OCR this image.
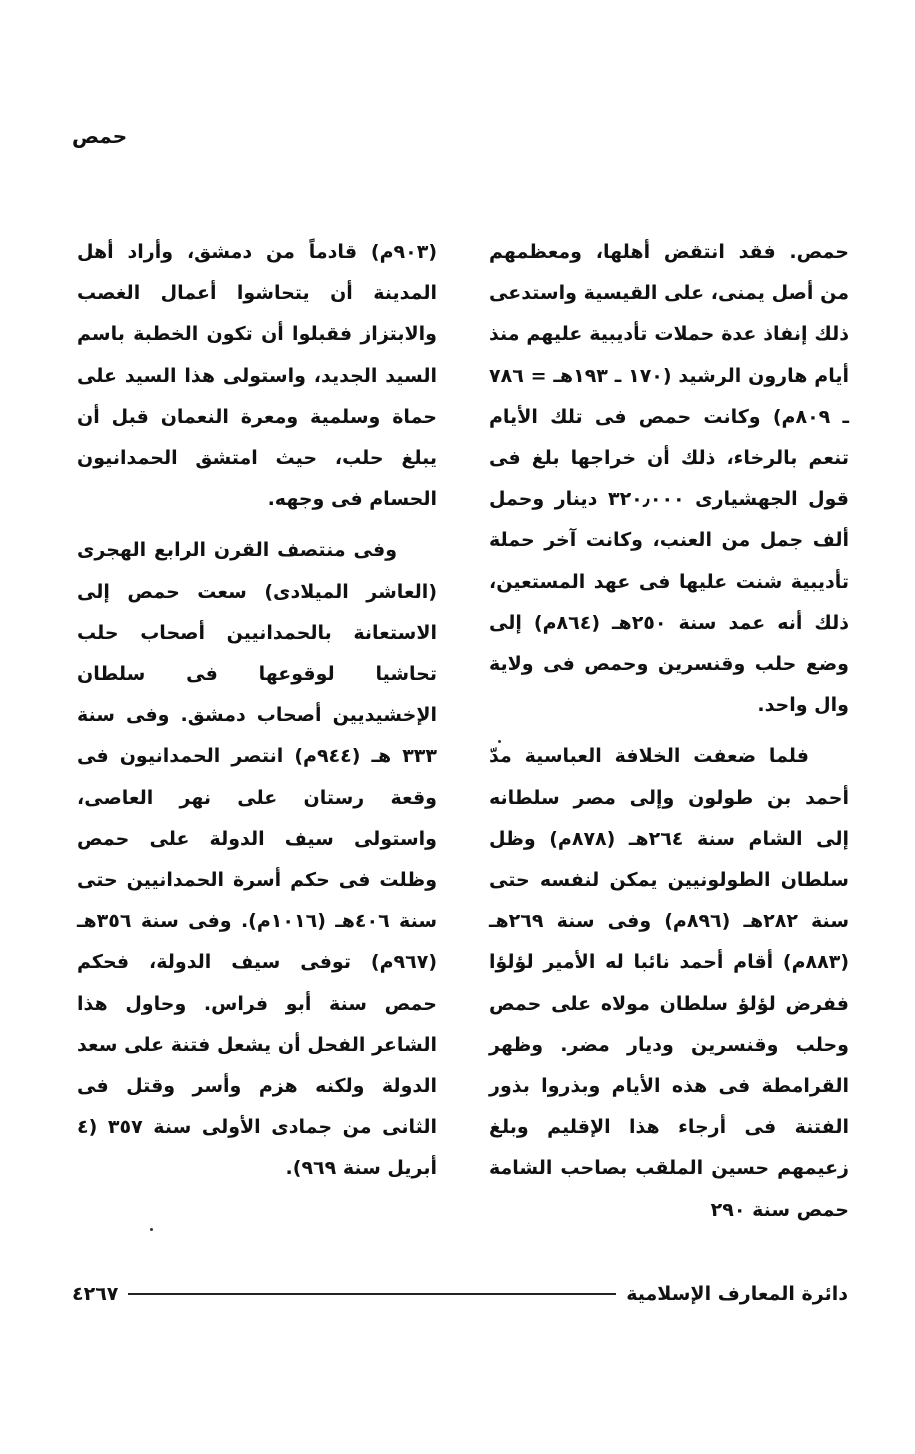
حمص

حمص. فقد انتقض أهلها، ومعظمهم من أصل يمنى، على القيسية واستدعى ذلك إنفاذ عدة حملات تأديبية عليهم منذ أيام هارون الرشيد (١٧٠ ـ ١٩٣هـ = ٧٨٦ ـ ٨٠٩م) وكانت حمص فى تلك الأيام تنعم بالرخاء، ذلك أن خراجها بلغ فى قول الجهشيارى ٣٢٠٫٠٠٠ دينار وحمل ألف جمل من العنب، وكانت آخر حملة تأديبية شنت عليها فى عهد المستعين، ذلك أنه عمد سنة ٢٥٠هـ (٨٦٤م) إلى وضع حلب وقنسرين وحمص فى ولاية وال واحد.

فلما ضعفت الخلافة العباسية مدّ أحمد بن طولون وإلى مصر سلطانه إلى الشام سنة ٢٦٤هـ (٨٧٨م) وظل سلطان الطولونيين يمكن لنفسه حتى سنة ٢٨٢هـ (٨٩٦م) وفى سنة ٢٦٩هـ (٨٨٣م) أقام أحمد نائبا له الأمير لؤلؤا ففرض لؤلؤ سلطان مولاه على حمص وحلب وقنسرين وديار مضر. وظهر القرامطة فى هذه الأيام وبذروا بذور الفتنة فى أرجاء هذا الإقليم وبلغ زعيمهم حسين الملقب بصاحب الشامة حمص سنة ٢٩٠

(٩٠٣م) قادماً من دمشق، وأراد أهل المدينة أن يتحاشوا أعمال الغصب والابتزاز فقبلوا أن تكون الخطبة باسم السيد الجديد، واستولى هذا السيد على حماة وسلمية ومعرة النعمان قبل أن يبلغ حلب، حيث امتشق الحمدانيون الحسام فى وجهه.

وفى منتصف القرن الرابع الهجرى (العاشر الميلادى) سعت حمص إلى الاستعانة بالحمدانيين أصحاب حلب تحاشيا لوقوعها فى سلطان الإخشيديين أصحاب دمشق. وفى سنة ٣٣٣ هـ (٩٤٤م) انتصر الحمدانيون فى وقعة رستان على نهر العاصى، واستولى سيف الدولة على حمص وظلت فى حكم أسرة الحمدانيين حتى سنة ٤٠٦هـ (١٠١٦م). وفى سنة ٣٥٦هـ (٩٦٧م) توفى سيف الدولة، فحكم حمص سنة أبو فراس. وحاول هذا الشاعر الفحل أن يشعل فتنة على سعد الدولة ولكنه هزم وأسر وقتل فى الثانى من جمادى الأولى سنة ٣٥٧ (٤ أبريل سنة ٩٦٩).

دائرة المعارف الإسلامية
٤٢٦٧
